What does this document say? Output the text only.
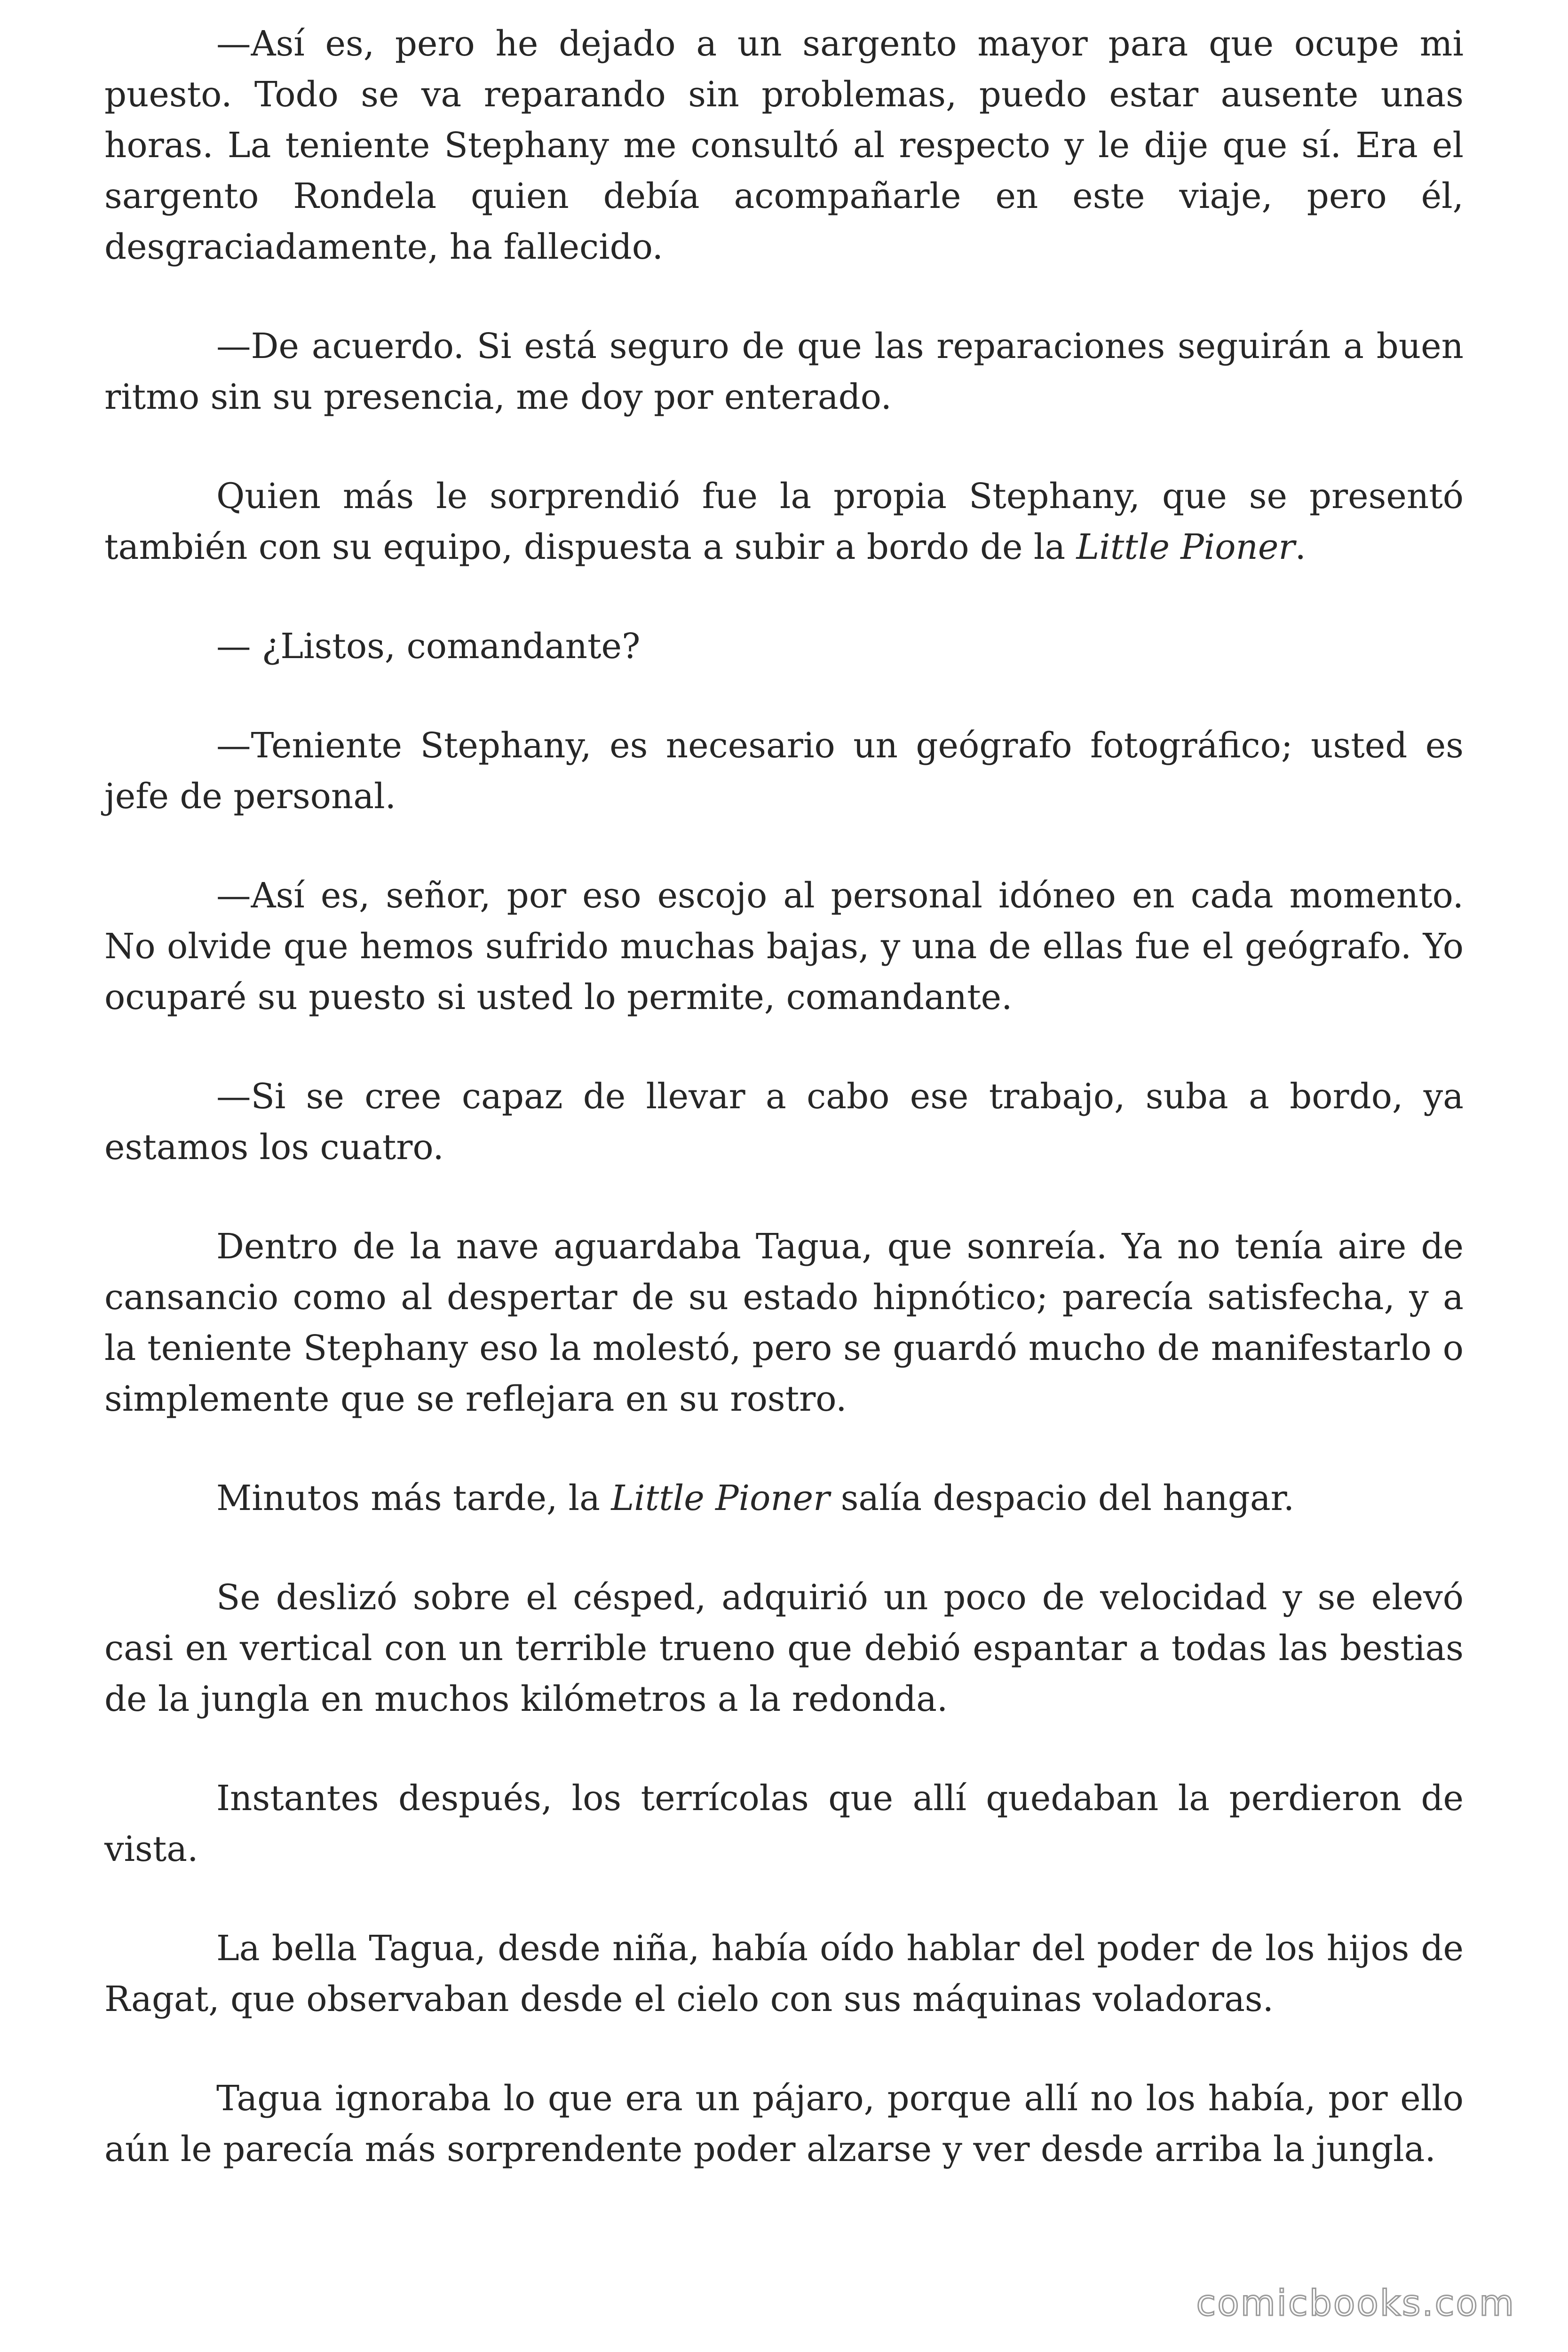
—Así es, pero he dejado a un sargento mayor para que ocupe mi puesto. Todo se va reparando sin problemas, puedo estar ausente unas horas. La teniente Stephany me consultó al respecto y le dije que sí. Era el sargento Rondela quien debía acompañarle en este viaje, pero él, desgraciadamente, ha fallecido.

—De acuerdo. Si está seguro de que las reparaciones seguirán a buen ritmo sin su presencia, me doy por enterado.

Quien más le sorprendió fue la propia Stephany, que se presentó también con su equipo, dispuesta a subir a bordo de la Little Pioner.

— ¿Listos, comandante?

—Teniente Stephany, es necesario un geógrafo fotográfico; usted es jefe de personal.

—Así es, señor, por eso escojo al personal idóneo en cada momento. No olvide que hemos sufrido muchas bajas, y una de ellas fue el geógrafo. Yo ocuparé su puesto si usted lo permite, comandante.

—Si se cree capaz de llevar a cabo ese trabajo, suba a bordo, ya estamos los cuatro.

Dentro de la nave aguardaba Tagua, que sonreía. Ya no tenía aire de cansancio como al despertar de su estado hipnótico; parecía satisfecha, y a la teniente Stephany eso la molestó, pero se guardó mucho de manifestarlo o simplemente que se reflejara en su rostro.

Minutos más tarde, la Little Pioner salía despacio del hangar.

Se deslizó sobre el césped, adquirió un poco de velocidad y se elevó casi en vertical con un terrible trueno que debió espantar a todas las bestias de la jungla en muchos kilómetros a la redonda.

Instantes después, los terrícolas que allí quedaban la perdieron de vista.

La bella Tagua, desde niña, había oído hablar del poder de los hijos de Ragat, que observaban desde el cielo con sus máquinas voladoras.

Tagua ignoraba lo que era un pájaro, porque allí no los había, por ello aún le parecía más sorprendente poder alzarse y ver desde arriba la jungla.

comicbooks.com
